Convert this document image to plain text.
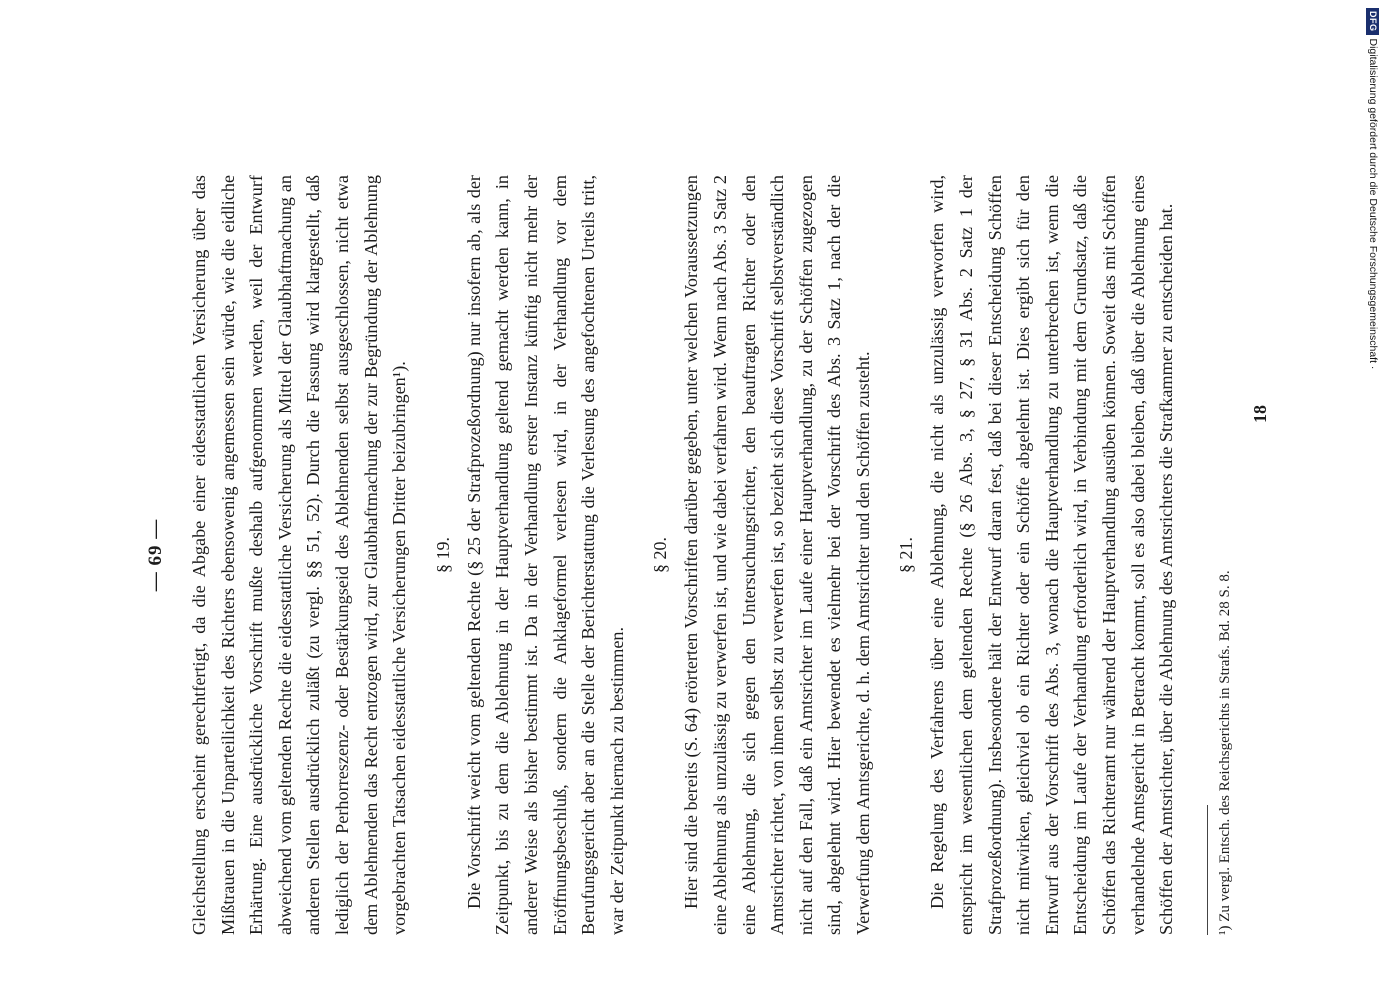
— 69 —	Gleichstellung erscheint gerechtfertigt, da die Abgabe einer eidesstattlichen Versicherung über das Mißtrauen in die Unparteilichkeit des Richters ebensowenig angemessen sein würde, wie die eidliche Erhärtung. Eine ausdrückliche Vorschrift mußte deshalb aufgenommen werden, weil der Entwurf abweichend vom geltenden Rechte die eidesstattliche Versicherung als Mittel der Glaubhaftmachung an anderen Stellen ausdrücklich zuläßt (zu vergl. §§ 51, 52). Durch die Fassung wird klargestellt, daß lediglich der Perhorreszenz- oder Bestärkungseid des Ablehnenden selbst ausgeschlossen, nicht etwa dem Ablehnenden das Recht entzogen wird, zur Glaubhaftmachung der zur Begründung der Ablehnung vorgebrachten Tatsachen eidesstattliche Versicherungen Dritter beizubringen¹).	§ 19. Die Vorschrift weicht vom geltenden Rechte (§ 25 der Strafprozeßordnung) nur insofern ab, als der Zeitpunkt, bis zu dem die Ablehnung in der Hauptverhandlung geltend gemacht werden kann, in anderer Weise als bisher bestimmt ist. Da in der Verhandlung erster Instanz künftig nicht mehr der Eröffnungsbeschluß, sondern die Anklageformel verlesen wird, in der Verhandlung vor dem Berufungsgericht aber an die Stelle der Berichterstattung die Verlesung des angefochtenen Urteils tritt, war der Zeitpunkt hiernach zu bestimmen.

§ 20. Hier sind die bereits (S. 64) erörterten Vorschriften darüber gegeben, unter welchen Voraussetzungen eine Ablehnung als unzulässig zu verwerfen ist, und wie dabei verfahren wird. Wenn nach Abs. 3 Satz 2 eine Ablehnung, die sich gegen den Untersuchungsrichter, den beauftragten Richter oder den Amtsrichter richtet, von ihnen selbst zu verwerfen ist, so bezieht sich diese Vorschrift selbstverständlich nicht auf den Fall, daß ein Amtsrichter im Laufe einer Hauptverhandlung, zu der Schöffen zugezogen sind, abgelehnt wird. Hier bewendet es vielmehr bei der Vorschrift des Abs. 3 Satz 1, nach der die Verwerfung dem Amtsgerichte, d. h. dem Amtsrichter und den Schöffen zusteht.	§ 21. Die Regelung des Verfahrens über eine Ablehnung, die nicht als unzulässig verworfen wird, entspricht im wesentlichen dem geltenden Rechte (§ 26 Abs. 3, § 27, § 31 Abs. 2 Satz 1 der Strafprozeßordnung). Insbesondere hält der Entwurf daran fest, daß bei dieser Entscheidung Schöffen nicht mitwirken, gleichviel ob ein Richter oder ein Schöffe abgelehnt ist. Dies ergibt sich für den Entwurf aus der Vorschrift des Abs. 3, wonach die Hauptverhandlung zu unterbrechen ist, wenn die Entscheidung im Laufe der Verhandlung erforderlich wird, in Verbindung mit dem Grundsatz, daß die Schöffen das Richteramt nur während der Hauptverhandlung ausüben können. Soweit das mit Schöffen verhandelnde Amtsgericht in Betracht kommt, soll es also dabei bleiben, daß über die Ablehnung eines Schöffen der Amtsrichter, über die Ablehnung des Amtsrichters die Strafkammer zu entscheiden hat.	¹) Zu vergl. Entsch. des Reichsgerichts in Strafs. Bd. 28 S. 8.
18
DFG
Digitalisierung gefördert durch die Deutsche Forschungsgemeinschaft ·
